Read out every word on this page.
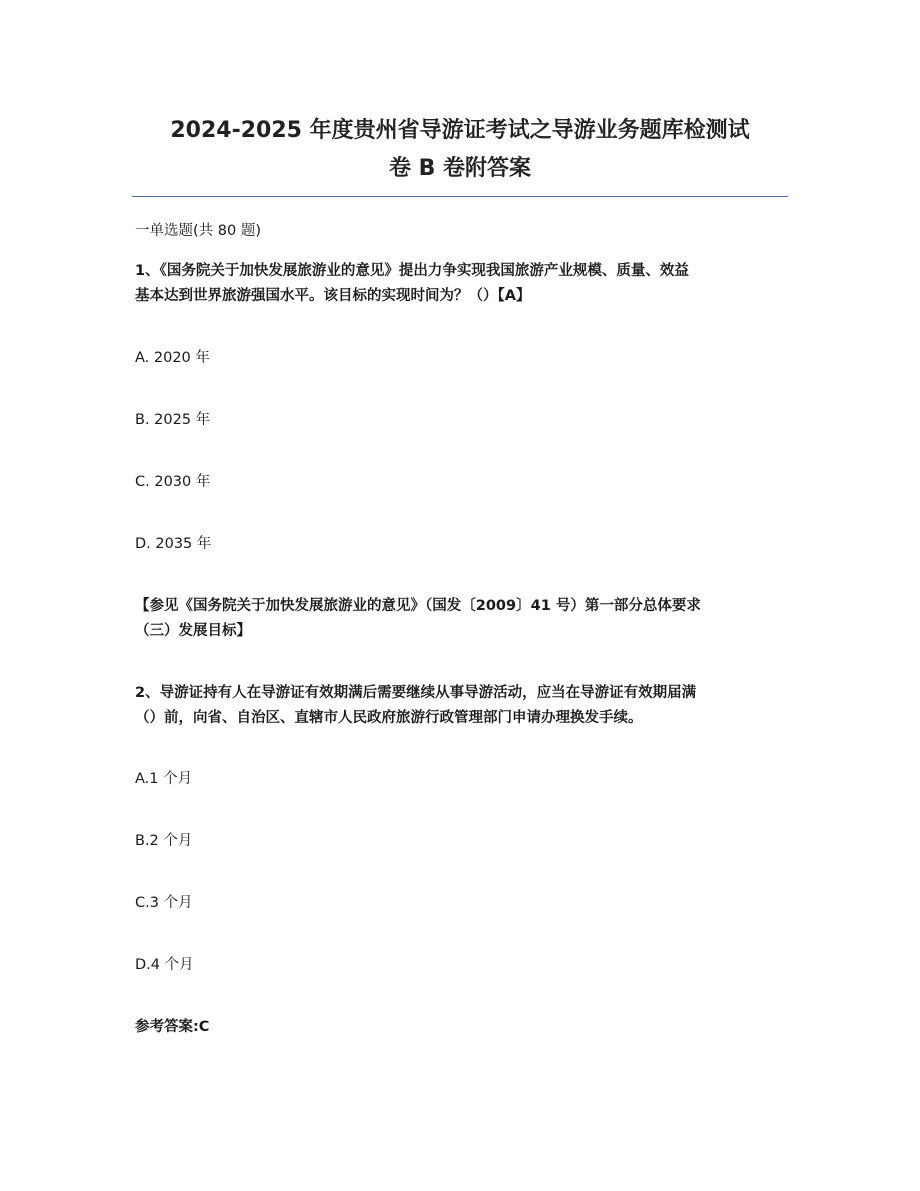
2024-2025 年度贵州省导游证考试之导游业务题库检测试
卷 B 卷附答案
一单选题(共 80 题)
1、《国务院关于加快发展旅游业的意见》提出力争实现我国旅游产业规模、质量、效益
基本达到世界旅游强国水平。该目标的实现时间为？（）【A】
A. 2020 年
B. 2025 年
C. 2030 年
D. 2035 年
【参见《国务院关于加快发展旅游业的意见》（国发〔2009〕41 号）第一部分总体要求
（三）发展目标】
2、导游证持有人在导游证有效期满后需要继续从事导游活动，应当在导游证有效期届满
（）前，向省、自治区、直辖市人民政府旅游行政管理部门申请办理换发手续。
A.1 个月
B.2 个月
C.3 个月
D.4 个月
参考答案:C
